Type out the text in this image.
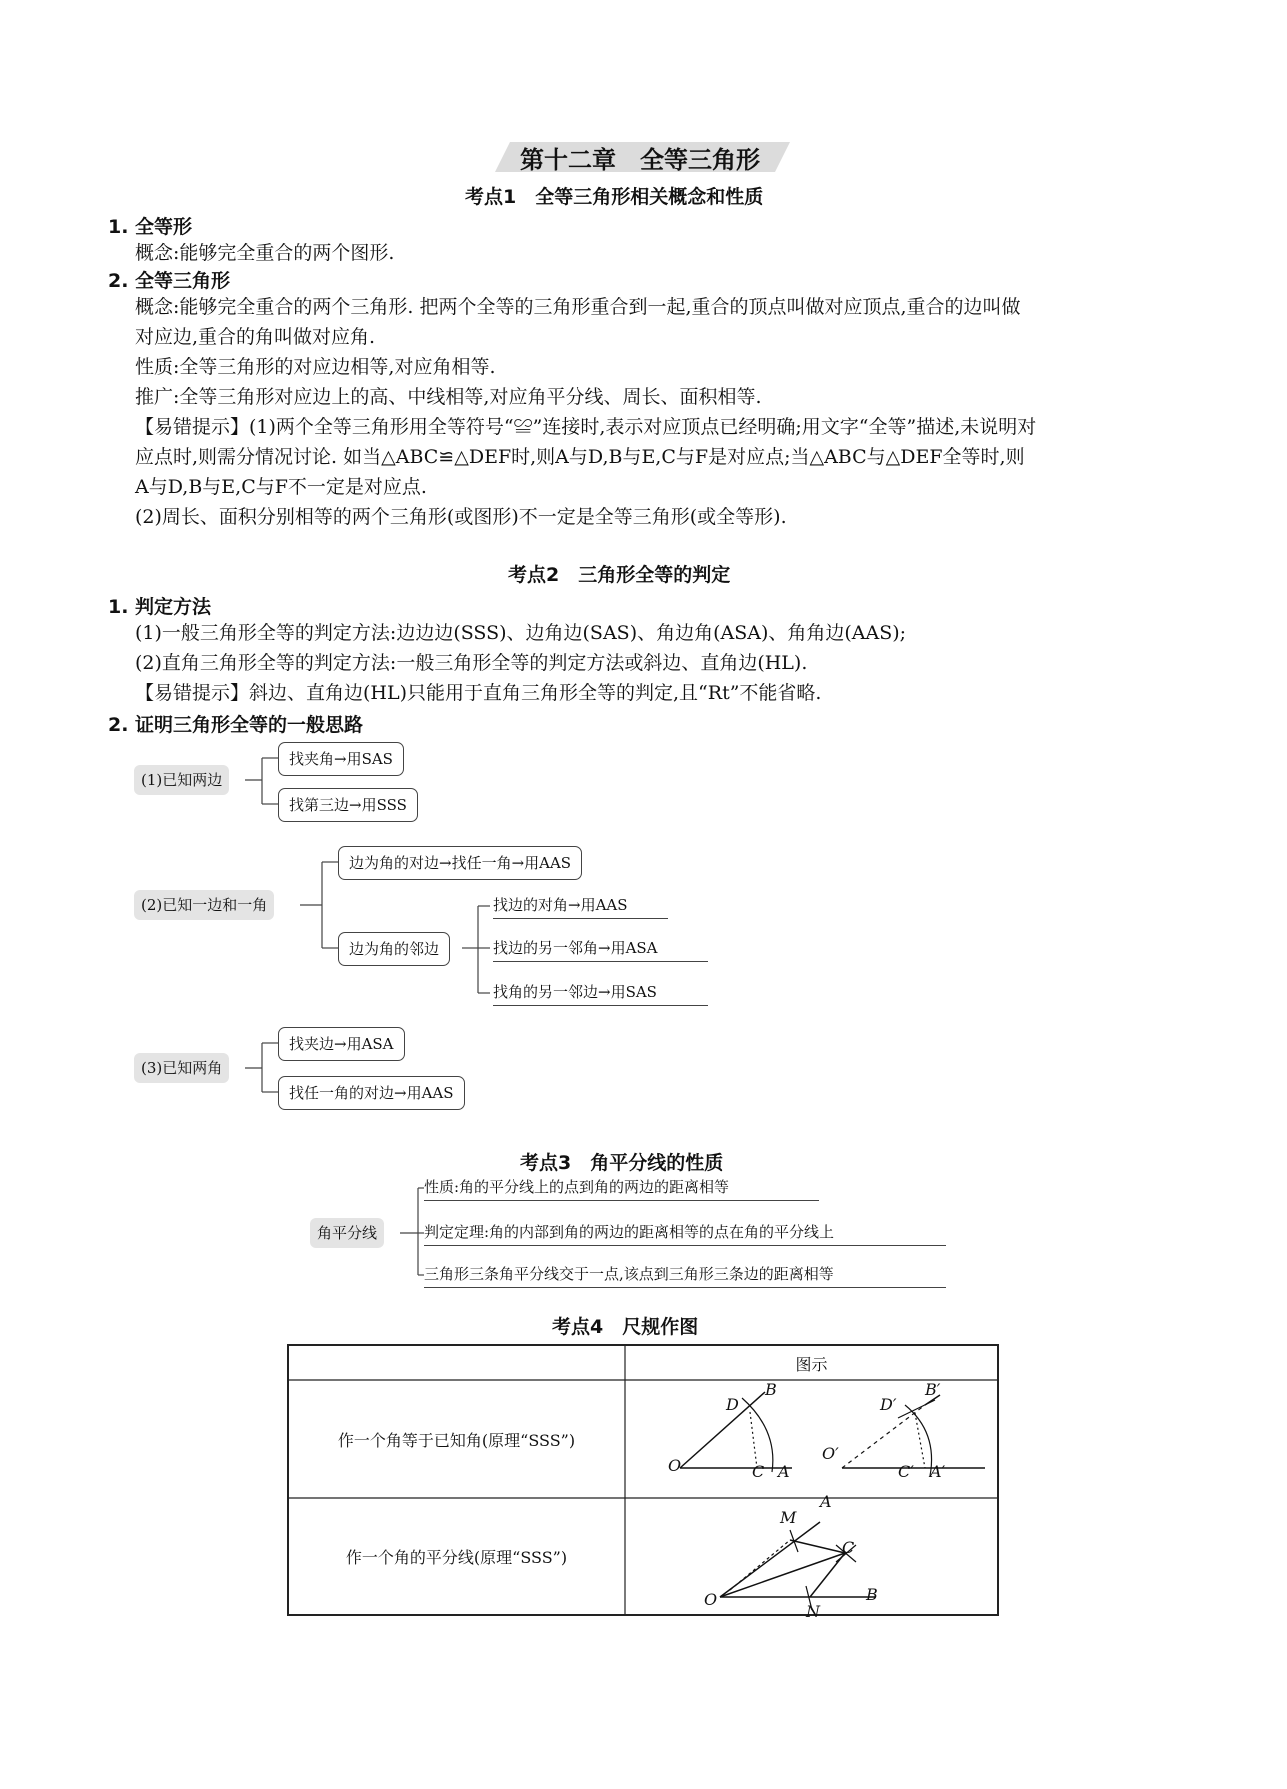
第十二章　全等三角形
考点1　全等三角形相关概念和性质
1. 全等形
概念:能够完全重合的两个图形.
2. 全等三角形
概念:能够完全重合的两个三角形. 把两个全等的三角形重合到一起,重合的顶点叫做对应顶点,重合的边叫做
对应边,重合的角叫做对应角.
性质:全等三角形的对应边相等,对应角相等.
推广:全等三角形对应边上的高、中线相等,对应角平分线、周长、面积相等.
【易错提示】(1)两个全等三角形用全等符号“≌”连接时,表示对应顶点已经明确;用文字“全等”描述,未说明对
应点时,则需分情况讨论. 如当△ABC≌△DEF时,则A与D,B与E,C与F是对应点;当△ABC与△DEF全等时,则
A与D,B与E,C与F不一定是对应点.
(2)周长、面积分别相等的两个三角形(或图形)不一定是全等三角形(或全等形).
考点2　三角形全等的判定
1. 判定方法
(1)一般三角形全等的判定方法:边边边(SSS)、边角边(SAS)、角边角(ASA)、角角边(AAS);
(2)直角三角形全等的判定方法:一般三角形全等的判定方法或斜边、直角边(HL).
【易错提示】斜边、直角边(HL)只能用于直角三角形全等的判定,且“Rt”不能省略.
2. 证明三角形全等的一般思路
(1)已知两边
找夹角→用SAS
找第三边→用SSS
(2)已知一边和一角
边为角的对边→找任一角→用AAS
边为角的邻边
找边的对角→用AAS
找边的另一邻角→用ASA
找角的另一邻边→用SAS
(3)已知两角
找夹边→用ASA
找任一角的对边→用AAS
考点3　角平分线的性质
角平分线
性质:角的平分线上的点到角的两边的距离相等
判定定理:角的内部到角的两边的距离相等的点在角的平分线上
三角形三条角平分线交于一点,该点到三角形三条边的距离相等
考点4　尺规作图
图示
作一个角等于已知角(原理“SSS”)
作一个角的平分线(原理“SSS”)
D
B
O	C A
D′
B′
O′
C′ A′
M
A
C
O
N
B
